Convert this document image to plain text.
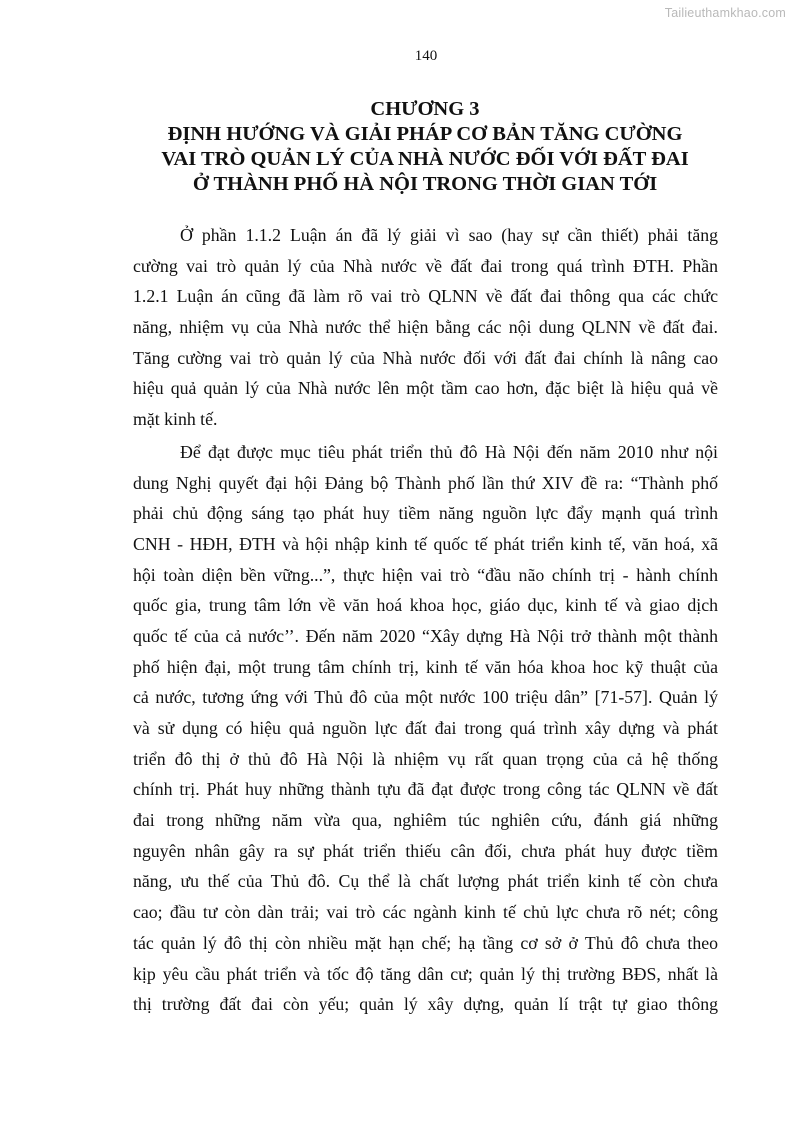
Tailieuthamkhao.com
140
CHƯƠNG 3
ĐỊNH HƯỚNG VÀ GIẢI PHÁP CƠ BẢN TĂNG CƯỜNG
VAI TRÒ QUẢN LÝ CỦA NHÀ NƯỚC ĐỐI VỚI ĐẤT ĐAI
Ở THÀNH PHỐ HÀ NỘI TRONG THỜI GIAN TỚI
Ở phần 1.1.2 Luận án đã lý giải vì sao (hay sự cần thiết) phải tăng
cường vai trò quản lý của Nhà nước về đất đai trong quá trình ĐTH. Phần
1.2.1 Luận án cũng đã làm rõ vai trò QLNN về đất đai thông qua các chức
năng, nhiệm vụ của Nhà nước thể hiện bằng các nội dung QLNN về đất đai.
Tăng cường vai trò quản lý của Nhà nước đối với đất đai chính là nâng cao
hiệu quả quản lý của Nhà nước lên một tầm cao hơn, đặc biệt là hiệu quả về
mặt kinh tế.
Để đạt được mục tiêu phát triển thủ đô Hà Nội đến năm 2010 như nội
dung Nghị quyết đại hội Đảng bộ Thành phố lần thứ XIV đề ra: “Thành phố
phải chủ động sáng tạo phát huy tiềm năng nguồn lực đẩy mạnh quá trình
CNH - HĐH, ĐTH và hội nhập kinh tế quốc tế phát triển kinh tế, văn hoá, xã
hội toàn diện bền vững...”, thực hiện vai trò “đầu não chính trị - hành chính
quốc gia, trung tâm lớn về văn hoá khoa học, giáo dục, kinh tế và giao dịch
quốc tế của cả nước’’. Đến năm 2020 “Xây dựng Hà Nội trở thành một thành
phố hiện đại, một trung tâm chính trị, kinh tế văn hóa khoa hoc kỹ thuật của
cả nước, tương ứng với Thủ đô của một nước 100 triệu dân” [71-57]. Quản lý
và sử dụng có hiệu quả nguồn lực đất đai trong quá trình xây dựng và phát
triển đô thị ở thủ đô Hà Nội là nhiệm vụ rất quan trọng của cả hệ thống
chính trị. Phát huy những thành tựu đã đạt được trong công tác QLNN về đất
đai trong những năm vừa qua, nghiêm túc nghiên cứu, đánh giá những
nguyên nhân gây ra sự phát triển thiếu cân đối, chưa phát huy được tiềm
năng, ưu thế của Thủ đô. Cụ thể là chất lượng phát triển kinh tế còn chưa
cao; đầu tư còn dàn trải; vai trò các ngành kinh tế chủ lực chưa rõ nét; công
tác quản lý đô thị còn nhiều mặt hạn chế; hạ tầng cơ sở ở Thủ đô chưa theo
kịp yêu cầu phát triển và tốc độ tăng dân cư; quản lý thị trường BĐS, nhất là
thị trường đất đai còn yếu; quản lý xây dựng, quản lí trật tự giao thông
